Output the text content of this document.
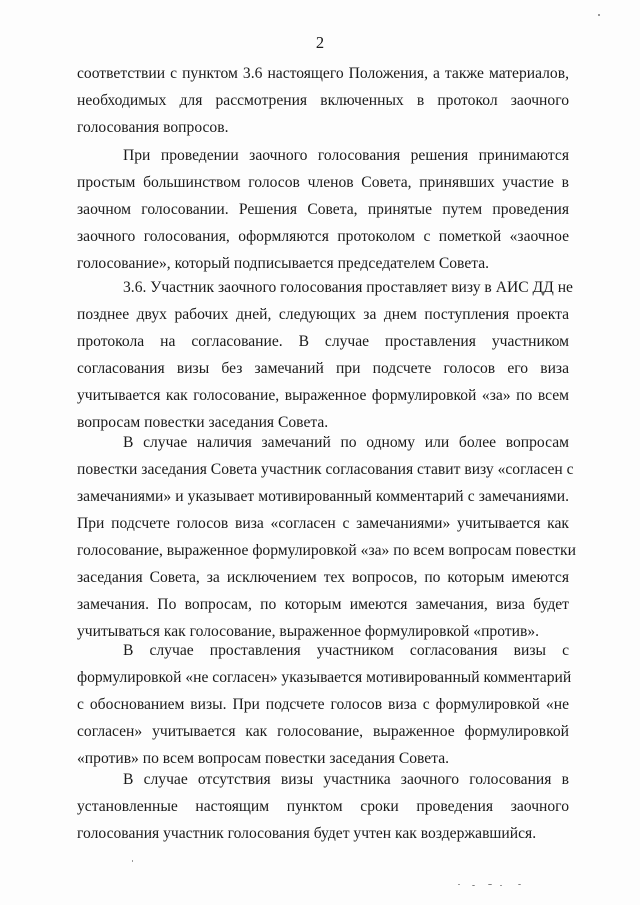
2
соответствии с пунктом 3.6 настоящего Положения, а также материалов,
необходимых для рассмотрения включенных в протокол заочного
голосования вопросов.
При проведении заочного голосования решения принимаются
простым большинством голосов членов Совета, принявших участие в
заочном голосовании. Решения Совета, принятые путем проведения
заочного голосования, оформляются протоколом с пометкой «заочное
голосование», который подписывается председателем Совета.
3.6. Участник заочного голосования проставляет визу в АИС ДД не
позднее двух рабочих дней, следующих за днем поступления проекта
протокола на согласование. В случае проставления участником
согласования визы без замечаний при подсчете голосов его виза
учитывается как голосование, выраженное формулировкой «за» по всем
вопросам повестки заседания Совета.
В случае наличия замечаний по одному или более вопросам
повестки заседания Совета участник согласования ставит визу «согласен с
замечаниями» и указывает мотивированный комментарий с замечаниями.
При подсчете голосов виза «согласен с замечаниями» учитывается как
голосование, выраженное формулировкой «за» по всем вопросам повестки
заседания Совета, за исключением тех вопросов, по которым имеются
замечания. По вопросам, по которым имеются замечания, виза будет
учитываться как голосование, выраженное формулировкой «против».
В случае проставления участником согласования визы с
формулировкой «не согласен» указывается мотивированный комментарий
с обоснованием визы. При подсчете голосов виза с формулировкой «не
согласен» учитывается как голосование, выраженное формулировкой
«против» по всем вопросам повестки заседания Совета.
В случае отсутствия визы участника заочного голосования в
установленные настоящим пунктом сроки проведения заочного
голосования участник голосования будет учтен как воздержавшийся.
